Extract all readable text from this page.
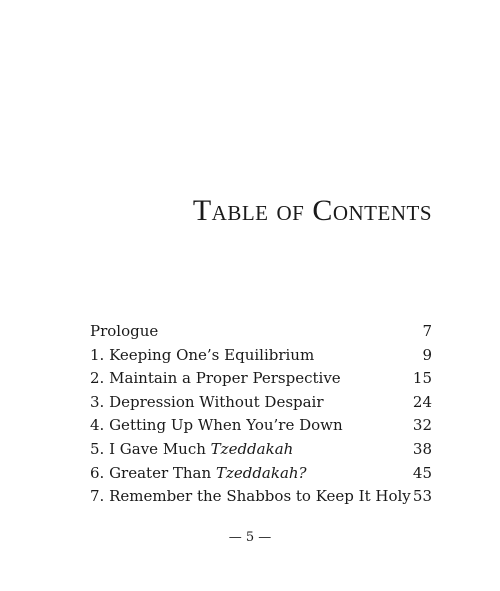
Table of Contents
Prologue	7
1. Keeping One’s Equilibrium	9
2. Maintain a Proper Perspective	15
3. Depression Without Despair	24
4. Getting Up When You’re Down	32
5. I Gave Much Tzeddakah	38
6. Greater Than Tzeddakah?	45
7. Remember the Shabbos to Keep It Holy 53
— 5 —
